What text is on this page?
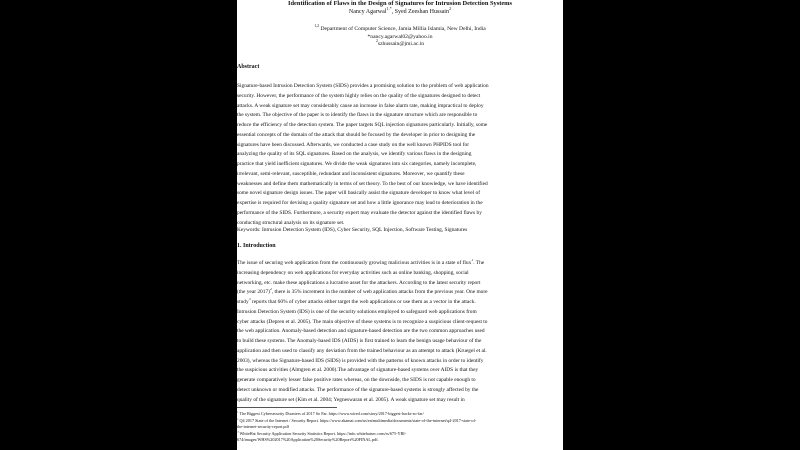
Identification of Flaws in the Design of Signatures for Intrusion Detection Systems
Nancy Agarwal$^{1,*}$, Syed Zeeshan Hussain$^2$
$^{1,2}$ Department of Computer Science, Jamia Millia Islamia, New Delhi, India
*nancy.agarwal02@yahoo.in
$^2$szhussain@jmi.ac.in
Abstract
Signature-based Intrusion Detection System (SIDS) provides a promising solution to the problem of web application
security. However, the performance of the system highly relies on the quality of the signatures designed to detect
attacks. A weak signature set may considerably cause an increase in false alarm rate, making impractical to deploy
the system. The objective of the paper is to identify the flaws in the signature structure which are responsible to
reduce the efficiency of the detection system. The paper targets SQL injection signatures particularly. Initially, some
essential concepts of the domain of the attack that should be focused by the developer in prior to designing the
signatures have been discussed. Afterwards, we conducted a case study on the well known PHPIDS tool for
analyzing the quality of its SQL signatures. Based on the analysis, we identify various flaws in the designing
practice that yield inefficient signatures. We divide the weak signatures into six categories, namely incomplete,
irrelevant, semi-relevant, susceptible, redundant and inconsistent signatures. Moreover, we quantify these
weaknesses and define them mathematically in terms of set theory. To the best of our knowledge, we have identified
some novel signature design issues. The paper will basically assist the signature developer to know what level of
expertise is required for devising a quality signature set and how a little ignorance may lead to deterioration in the
performance of the SIDS. Furthermore, a security expert may evaluate the detector against the identified flaws by
conducting structural analysis on its signature set.
Keywords: Intrusion Detection System (IDS), Cyber Security, SQL Injection, Software Testing, Signatures
1. Introduction
The issue of securing web application from the continuously growing malicious activities is in a state of flux$^1$. The
increasing dependency on web applications for everyday activities such as online banking, shopping, social
networking, etc. make these applications a lucrative asset for the attackers. According to the latest security report
(the year 2017)$^2$, there is 35% increment in the number of web application attacks from the previous year. One more
study$^3$ reports that 60% of cyber attacks either target the web applications or use them as a vector in the attack.
Intrusion Detection System (IDS) is one of the security solutions employed to safeguard web applications from
cyber attacks (Depren et al. 2005). The main objective of these systems is to recognize a suspicious client-request to
the web application. Anomaly-based detection and signature-based detection are the two common approaches used
to build these systems. The Anomaly-based IDS (AIDS) is first trained to learn the benign usage behaviour of the
application and then used to classify any deviation from the trained behaviour as an attempt to attack (Kruegel et al.
2003), whereas the Signature-based IDS (SIDS) is provided with the patterns of known attacks in order to identify
the suspicious activities (Almgren et al. 2000).The advantage of signature-based systems over AIDS is that they
generate comparatively lesser false positive rates whereas, on the downside, the SIDS is not capable enough to
detect unknown or modified attacks. The performance of the signature-based systems is strongly affected by the
quality of the signature set (Kim et al. 2004; Yegneswaran et al. 2005). A weak signature set may result in
$^1$ The Biggest Cybersecurity Disasters of 2017 So Far. https://www.wired.com/story/2017-biggest-hacks-so-far/
$^2$ Q4 2017 State of the Internet / Security Report. https://www.akamai.com/us/en/multimedia/documents/state-of-the-internet/q4-2017-state-of-
the-internet-security-report.pdf
$^3$ WhiteHat Security Application Security Statistics Report. https://info.whitehatsec.com/rs/675-YBI-
674/images/WHS%202017%20Application%20Security%20Report%20FINAL.pdf.
